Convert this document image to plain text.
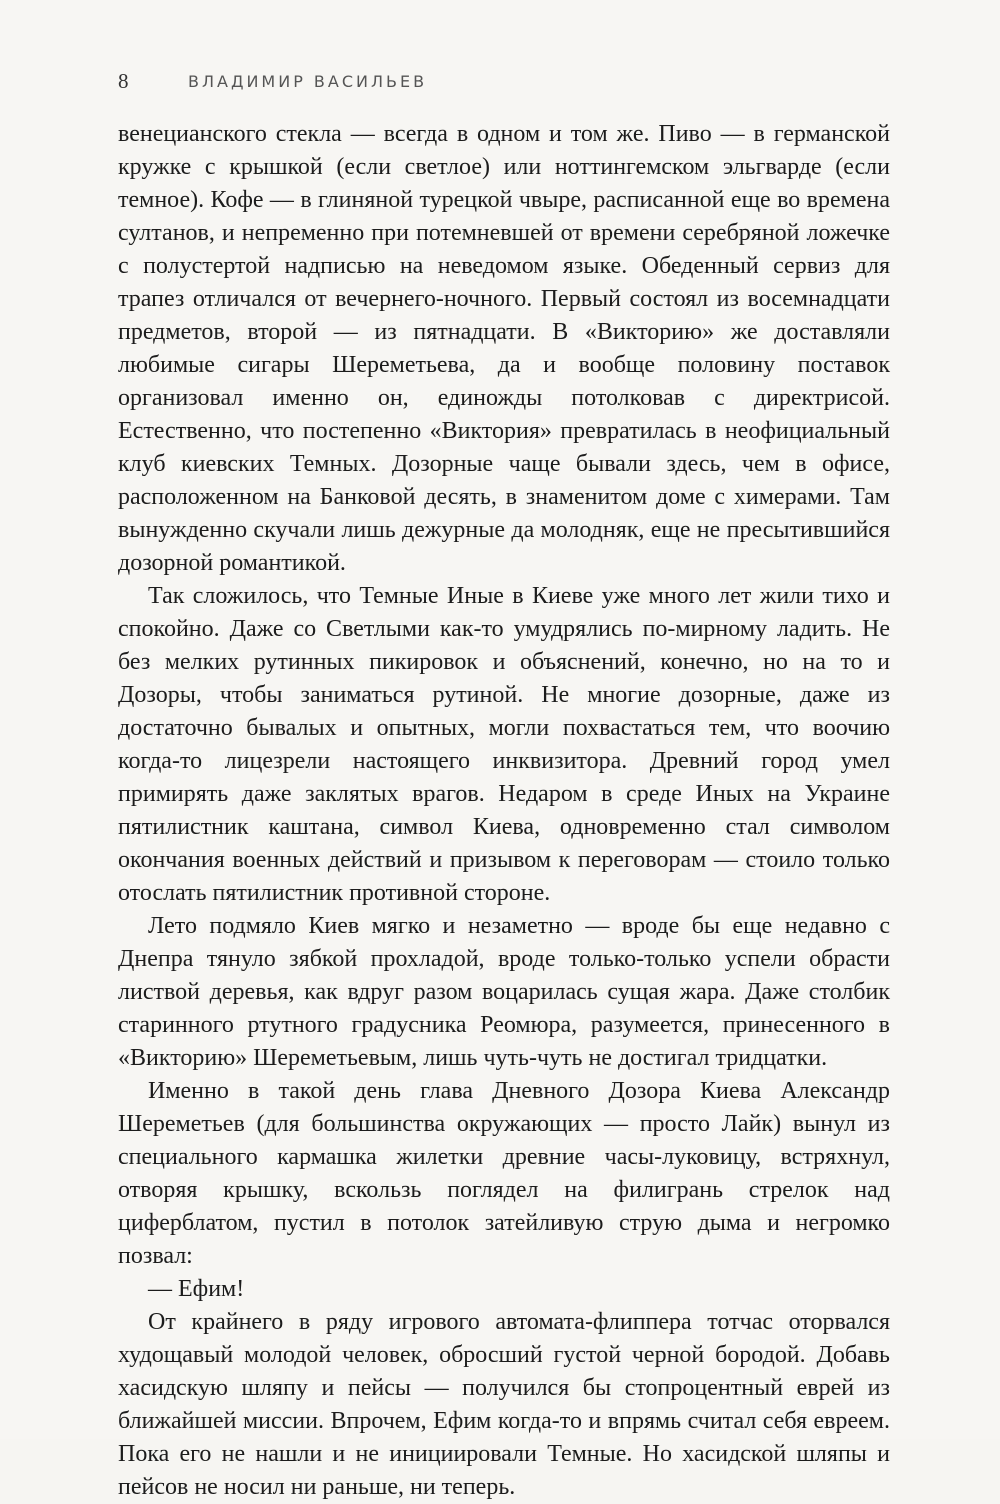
8	ВЛАДИМИР ВАСИЛЬЕВ

венецианского стекла — всегда в одном и том же. Пиво — в германской кружке с крышкой (если светлое) или ноттингемском эльгварде (если темное). Кофе — в глиняной турецкой чвыре, расписанной еще во времена султанов, и непременно при потемневшей от времени серебряной ложечке с полустертой надписью на неведомом языке. Обеденный сервиз для трапез отличался от вечернего-ночного. Первый состоял из восемнадцати предметов, второй — из пятнадцати. В «Викторию» же доставляли любимые сигары Шереметьева, да и вообще половину поставок организовал именно он, единожды потолковав с директрисой. Естественно, что постепенно «Виктория» превратилась в неофициальный клуб киевских Темных. Дозорные чаще бывали здесь, чем в офисе, расположенном на Банковой десять, в знаменитом доме с химерами. Там вынужденно скучали лишь дежурные да молодняк, еще не пресытившийся дозорной романтикой.

Так сложилось, что Темные Иные в Киеве уже много лет жили тихо и спокойно. Даже со Светлыми как-то умудрялись по-мирному ладить. Не без мелких рутинных пикировок и объяснений, конечно, но на то и Дозоры, чтобы заниматься рутиной. Не многие дозорные, даже из достаточно бывалых и опытных, могли похвастаться тем, что воочию когда-то лицезрели настоящего инквизитора. Древний город умел примирять даже заклятых врагов. Недаром в среде Иных на Украине пятилистник каштана, символ Киева, одновременно стал символом окончания военных действий и призывом к переговорам — стоило только отослать пятилистник противной стороне.

Лето подмяло Киев мягко и незаметно — вроде бы еще недавно с Днепра тянуло зябкой прохладой, вроде только-только успели обрасти листвой деревья, как вдруг разом воцарилась сущая жара. Даже столбик старинного ртутного градусника Реомюра, разумеется, принесенного в «Викторию» Шереметьевым, лишь чуть-чуть не достигал тридцатки.

Именно в такой день глава Дневного Дозора Киева Александр Шереметьев (для большинства окружающих — просто Лайк) вынул из специального кармашка жилетки древние часы-луковицу, встряхнул, отворяя крышку, вскользь поглядел на филигрань стрелок над циферблатом, пустил в потолок затейливую струю дыма и негромко позвал:

— Ефим!

От крайнего в ряду игрового автомата-флиппера тотчас оторвался худощавый молодой человек, обросший густой черной бородой. Добавь хасидскую шляпу и пейсы — получился бы стопроцентный еврей из ближайшей миссии. Впрочем, Ефим когда-то и впрямь считал себя евреем. Пока его не нашли и не инициировали Темные. Но хасидской шляпы и пейсов не носил ни раньше, ни теперь.
